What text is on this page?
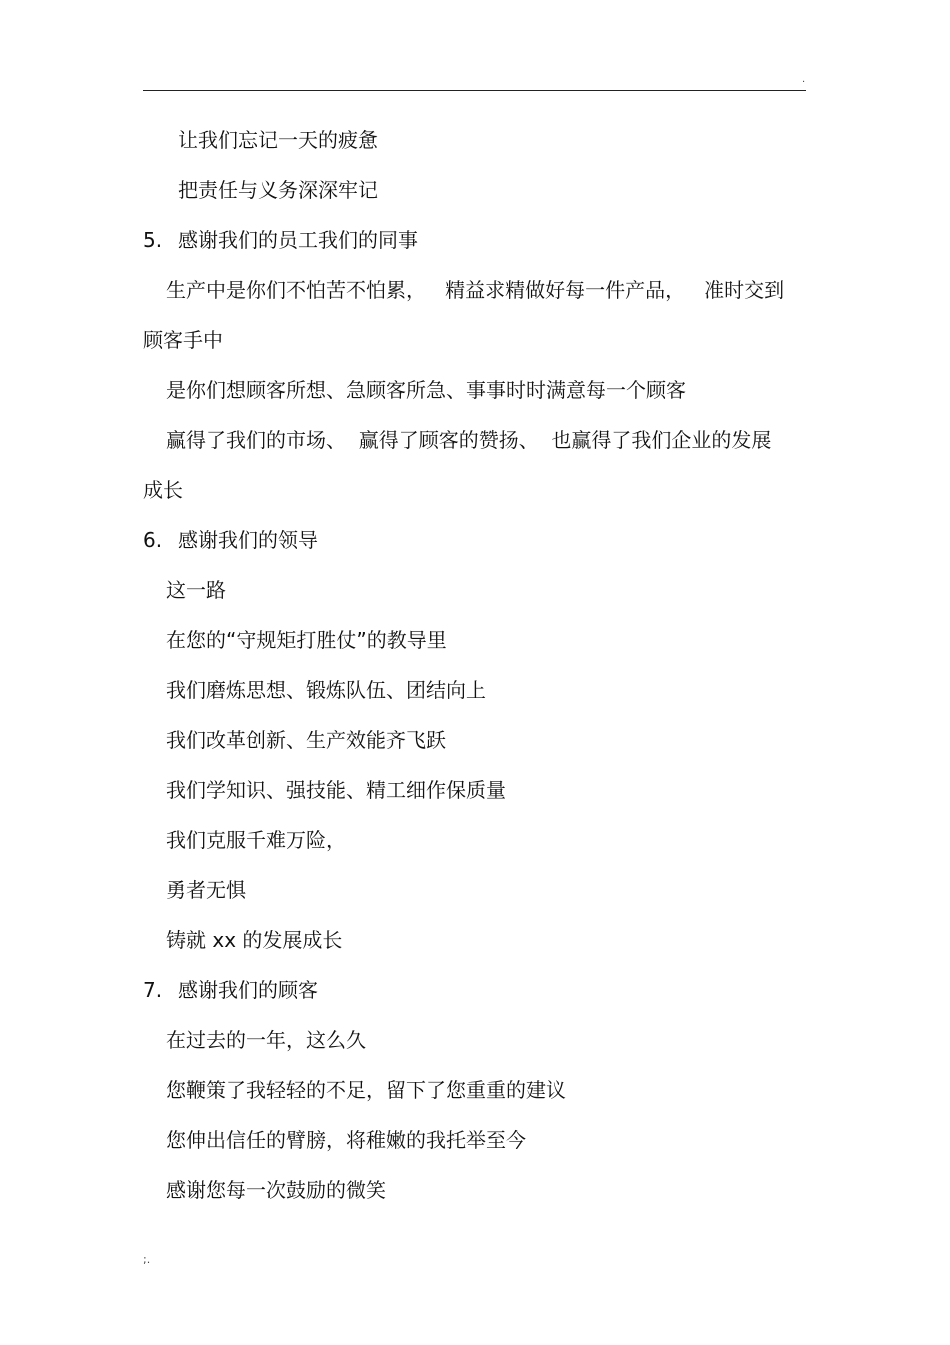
.
让我们忘记一天的疲惫
把责任与义务深深牢记
5. 感谢我们的员工我们的同事
生产中是你们不怕苦不怕累，   精益求精做好每一件产品，   准时交到
顾客手中
是你们想顾客所想、急顾客所急、事事时时满意每一个顾客
赢得了我们的市场、  赢得了顾客的赞扬、  也赢得了我们企业的发展
成长
6. 感谢我们的领导
这一路
在您的“守规矩打胜仗”的教导里
我们磨炼思想、锻炼队伍、团结向上
我们改革创新、生产效能齐飞跃
我们学知识、强技能、精工细作保质量
我们克服千难万险，
勇者无惧
铸就 xx 的发展成长
7. 感谢我们的顾客
在过去的一年，这么久
您鞭策了我轻轻的不足，留下了您重重的建议
您伸出信任的臂膀，将稚嫩的我托举至今
感谢您每一次鼓励的微笑
;.
